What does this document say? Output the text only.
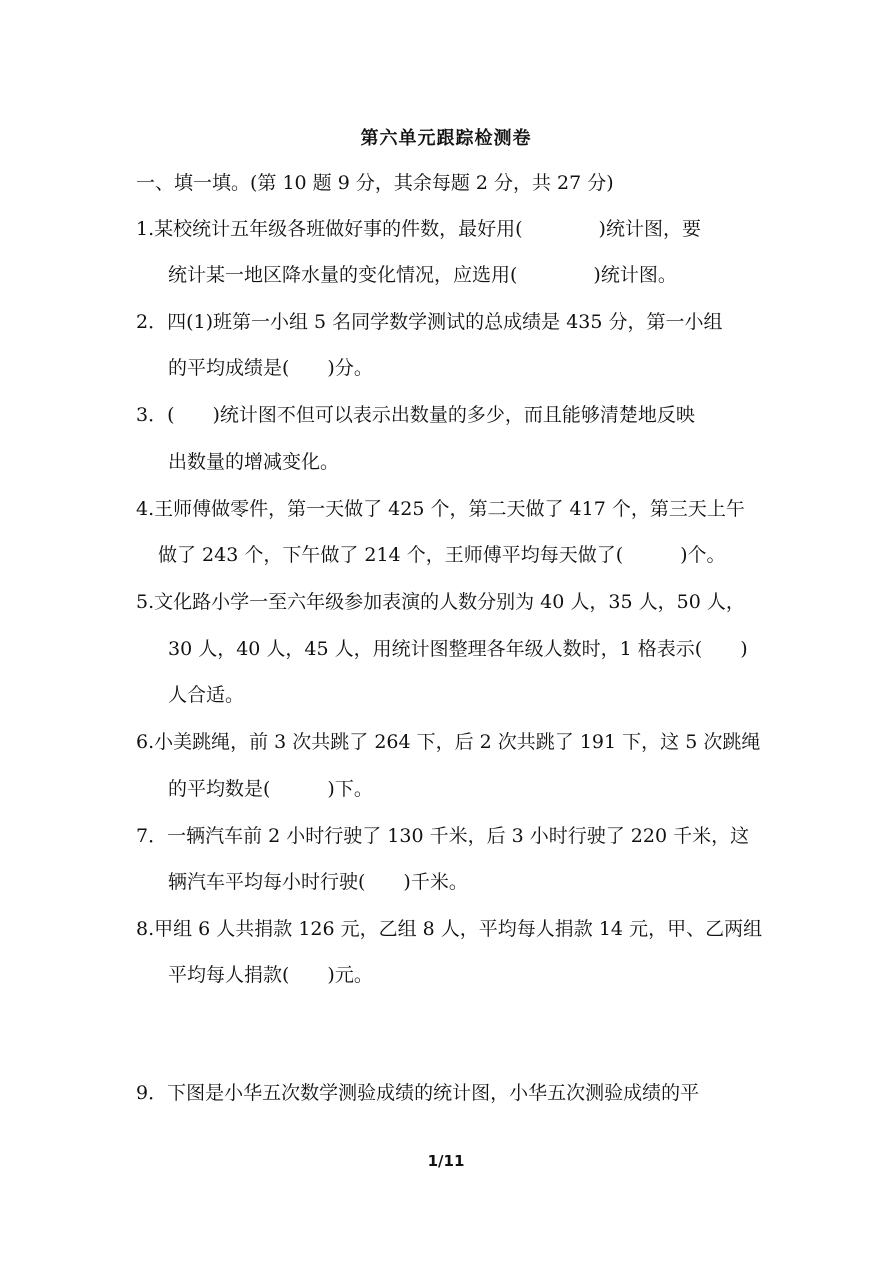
第六单元跟踪检测卷
一、填一填。(第 10 题 9 分，其余每题 2 分，共 27 分)
1.某校统计五年级各班做好事的件数，最好用(　　　　)统计图，要
统计某一地区降水量的变化情况，应选用(　　　　)统计图。
2．四(1)班第一小组 5 名同学数学测试的总成绩是 435 分，第一小组
的平均成绩是(　　)分。
3．(　　)统计图不但可以表示出数量的多少，而且能够清楚地反映
出数量的增减变化。
4.王师傅做零件，第一天做了 425 个，第二天做了 417 个，第三天上午
做了 243 个，下午做了 214 个，王师傅平均每天做了(　　　)个。
5.文化路小学一至六年级参加表演的人数分别为 40 人，35 人，50 人，
30 人，40 人，45 人，用统计图整理各年级人数时，1 格表示(　　)
人合适。
6.小美跳绳，前 3 次共跳了 264 下，后 2 次共跳了 191 下，这 5 次跳绳
的平均数是(　　　)下。
7．一辆汽车前 2 小时行驶了 130 千米，后 3 小时行驶了 220 千米，这
辆汽车平均每小时行驶(　　)千米。
8.甲组 6 人共捐款 126 元，乙组 8 人，平均每人捐款 14 元，甲、乙两组
平均每人捐款(　　)元。
9．下图是小华五次数学测验成绩的统计图，小华五次测验成绩的平
1/11
